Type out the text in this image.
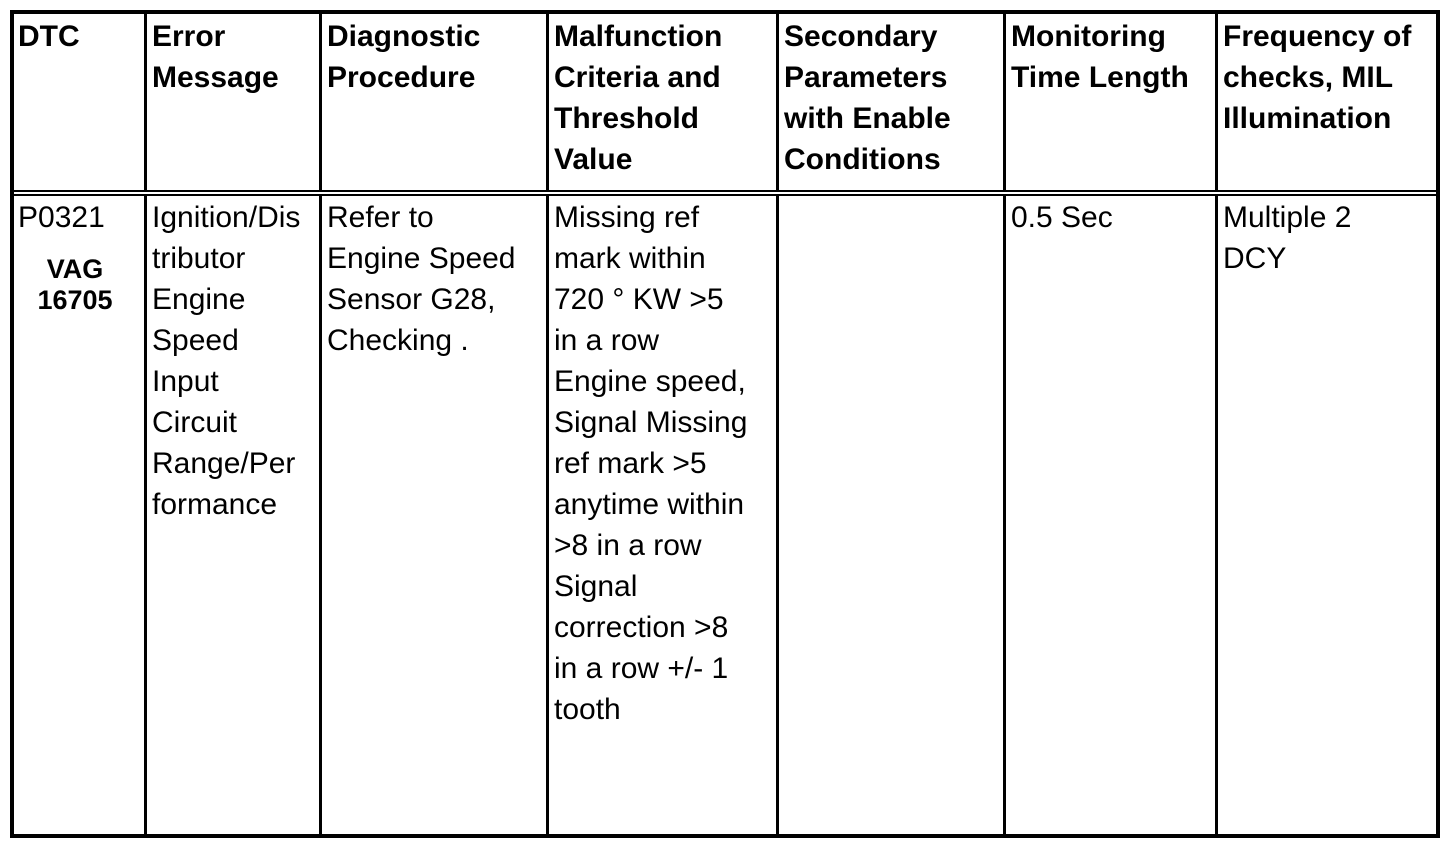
DTC	Error
Message
Diagnostic
Procedure
Malfunction
Criteria and
Threshold
Value
Secondary
Parameters
with Enable
Conditions
Monitoring
Time Length
Frequency of
checks, MIL
Illumination
P0321
VAG
16705
Ignition/Dis
tributor
Engine
Speed
Input
Circuit
Range/Per
formance
Refer to
Engine Speed
Sensor G28,
Checking .
Missing ref
mark within
720 ° KW >5
in a row
Engine speed,
Signal Missing
ref mark >5
anytime within
>8 in a row
Signal
correction >8
in a row +/- 1
tooth
0.5 Sec	Multiple 2
DCY
